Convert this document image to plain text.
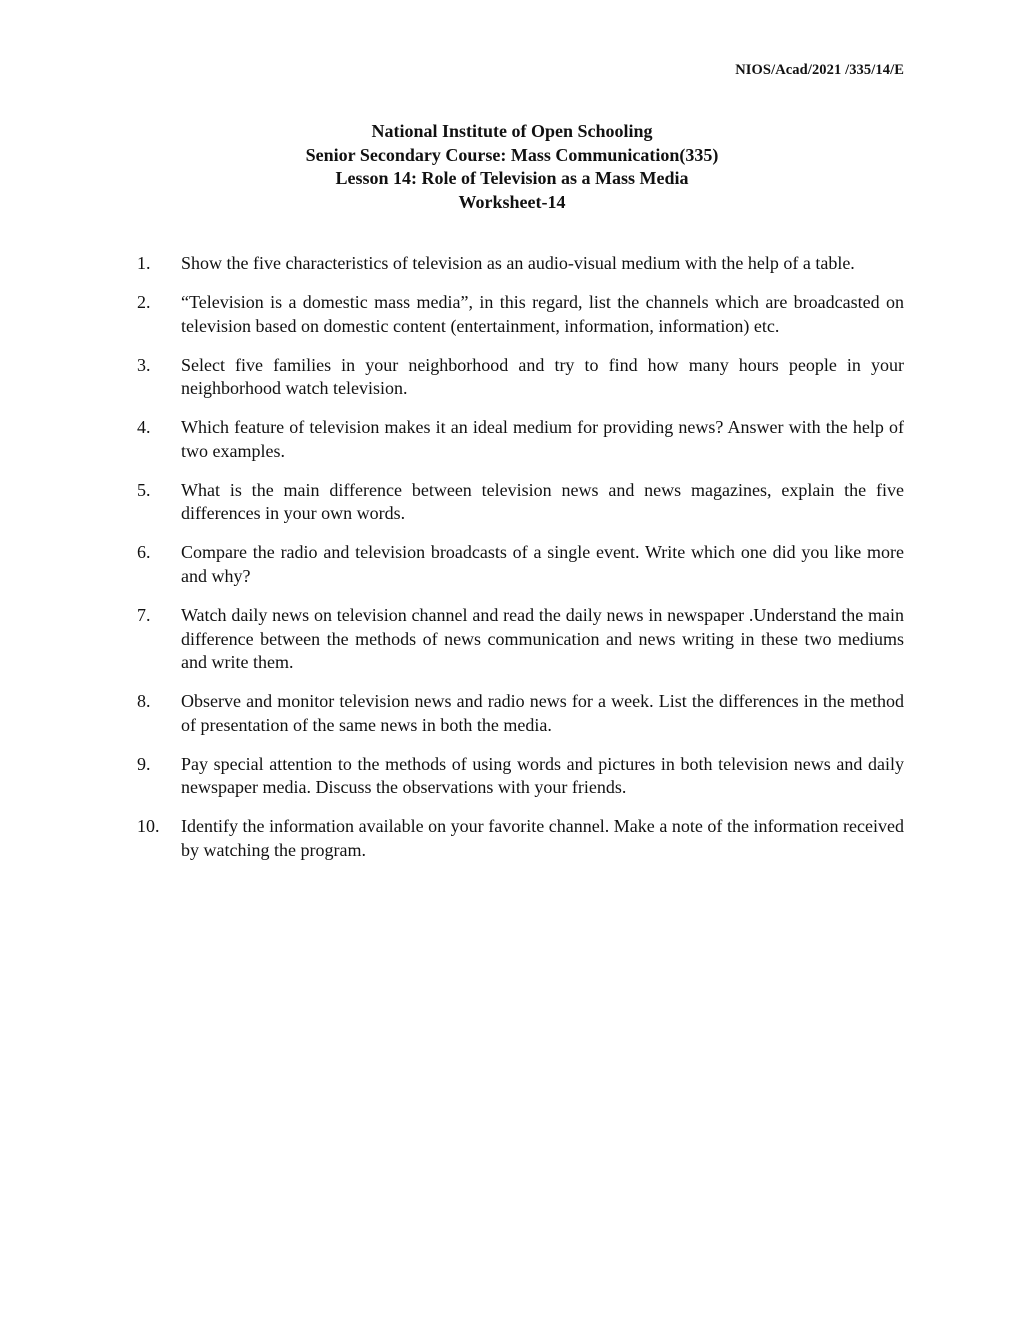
NIOS/Acad/2021 /335/14/E
National Institute of Open Schooling
Senior Secondary Course: Mass Communication(335)
Lesson 14: Role of Television as a Mass Media
Worksheet-14
1. Show the five characteristics of television as an audio-visual medium with the help of a table.
2. “Television is a domestic mass media”, in this regard, list the channels which are broadcasted on television based on domestic content (entertainment, information, information) etc.
3. Select five families in your neighborhood and try to find how many hours people in your neighborhood watch television.
4. Which feature of television makes it an ideal medium for providing news? Answer with the help of two examples.
5. What is the main difference between television news and news magazines, explain the five differences in your own words.
6. Compare the radio and television broadcasts of a single event. Write which one did you like more and why?
7. Watch daily news on television channel and read the daily news in newspaper .Understand the main difference between the methods of news communication and news writing in these two mediums and write them.
8. Observe and monitor television news and radio news for a week. List the differences in the method of presentation of the same news in both the media.
9. Pay special attention to the methods of using words and pictures in both television news and daily newspaper media. Discuss the observations with your friends.
10. Identify the information available on your favorite channel. Make a note of the information received by watching the program.
